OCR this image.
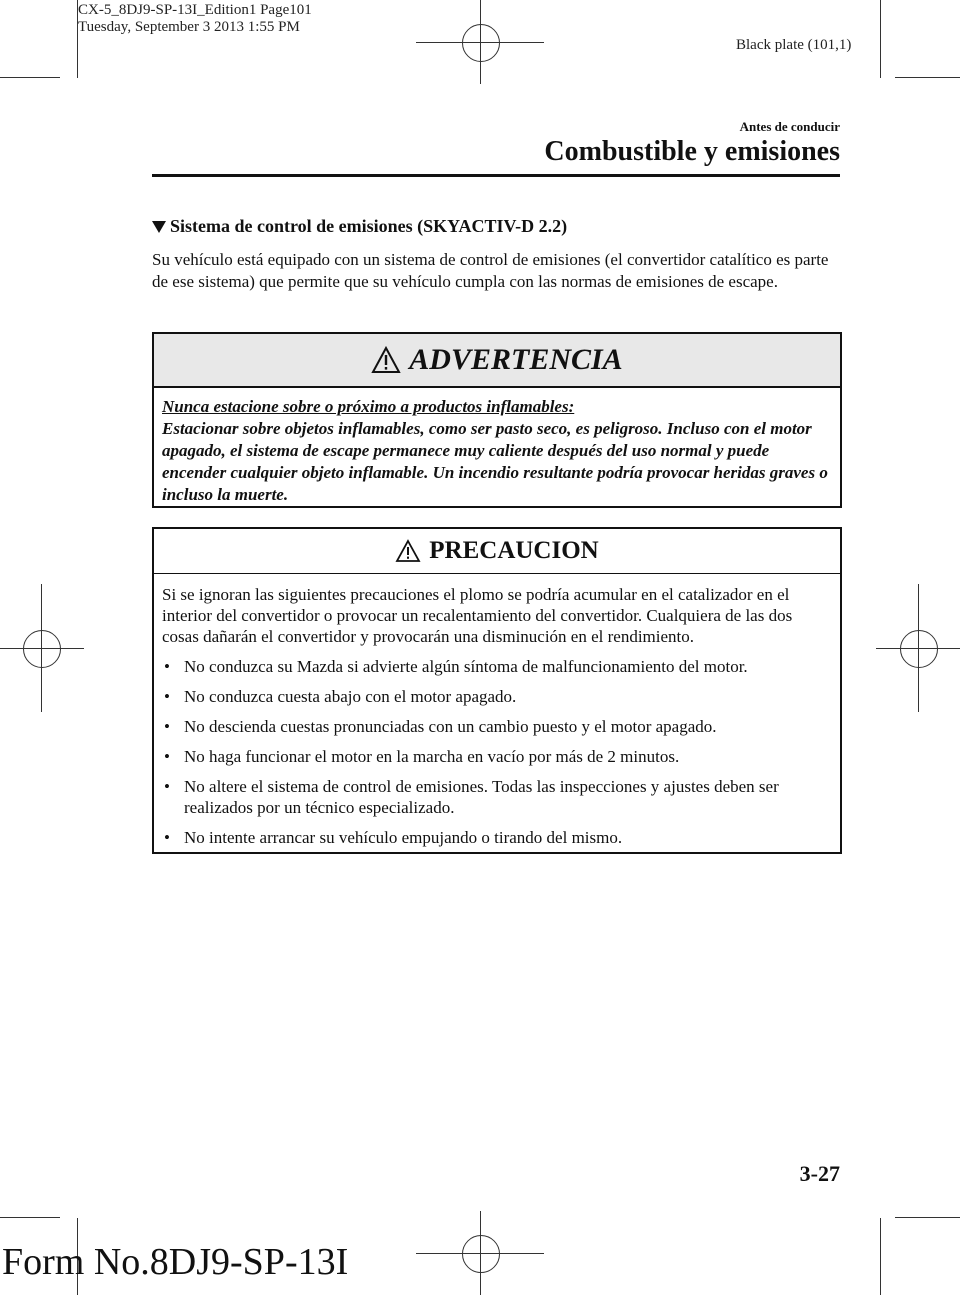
CX-5_8DJ9-SP-13I_Edition1 Page101
Tuesday, September 3 2013 1:55 PM
Black plate (101,1)
Antes de conducir
Combustible y emisiones
Sistema de control de emisiones (SKYACTIV-D 2.2)
Su vehículo está equipado con un sistema de control de emisiones (el convertidor catalítico es parte de ese sistema) que permite que su vehículo cumpla con las normas de emisiones de escape.
ADVERTENCIA
Nunca estacione sobre o próximo a productos inflamables:
Estacionar sobre objetos inflamables, como ser pasto seco, es peligroso. Incluso con el motor apagado, el sistema de escape permanece muy caliente después del uso normal y puede encender cualquier objeto inflamable. Un incendio resultante podría provocar heridas graves o incluso la muerte.
PRECAUCION
Si se ignoran las siguientes precauciones el plomo se podría acumular en el catalizador en el interior del convertidor o provocar un recalentamiento del convertidor. Cualquiera de las dos cosas dañarán el convertidor y provocarán una disminución en el rendimiento.
• No conduzca su Mazda si advierte algún síntoma de malfuncionamiento del motor.
• No conduzca cuesta abajo con el motor apagado.
• No descienda cuestas pronunciadas con un cambio puesto y el motor apagado.
• No haga funcionar el motor en la marcha en vacío por más de 2 minutos.
• No altere el sistema de control de emisiones. Todas las inspecciones y ajustes deben ser realizados por un técnico especializado.
• No intente arrancar su vehículo empujando o tirando del mismo.
3-27
Form No.8DJ9-SP-13I
